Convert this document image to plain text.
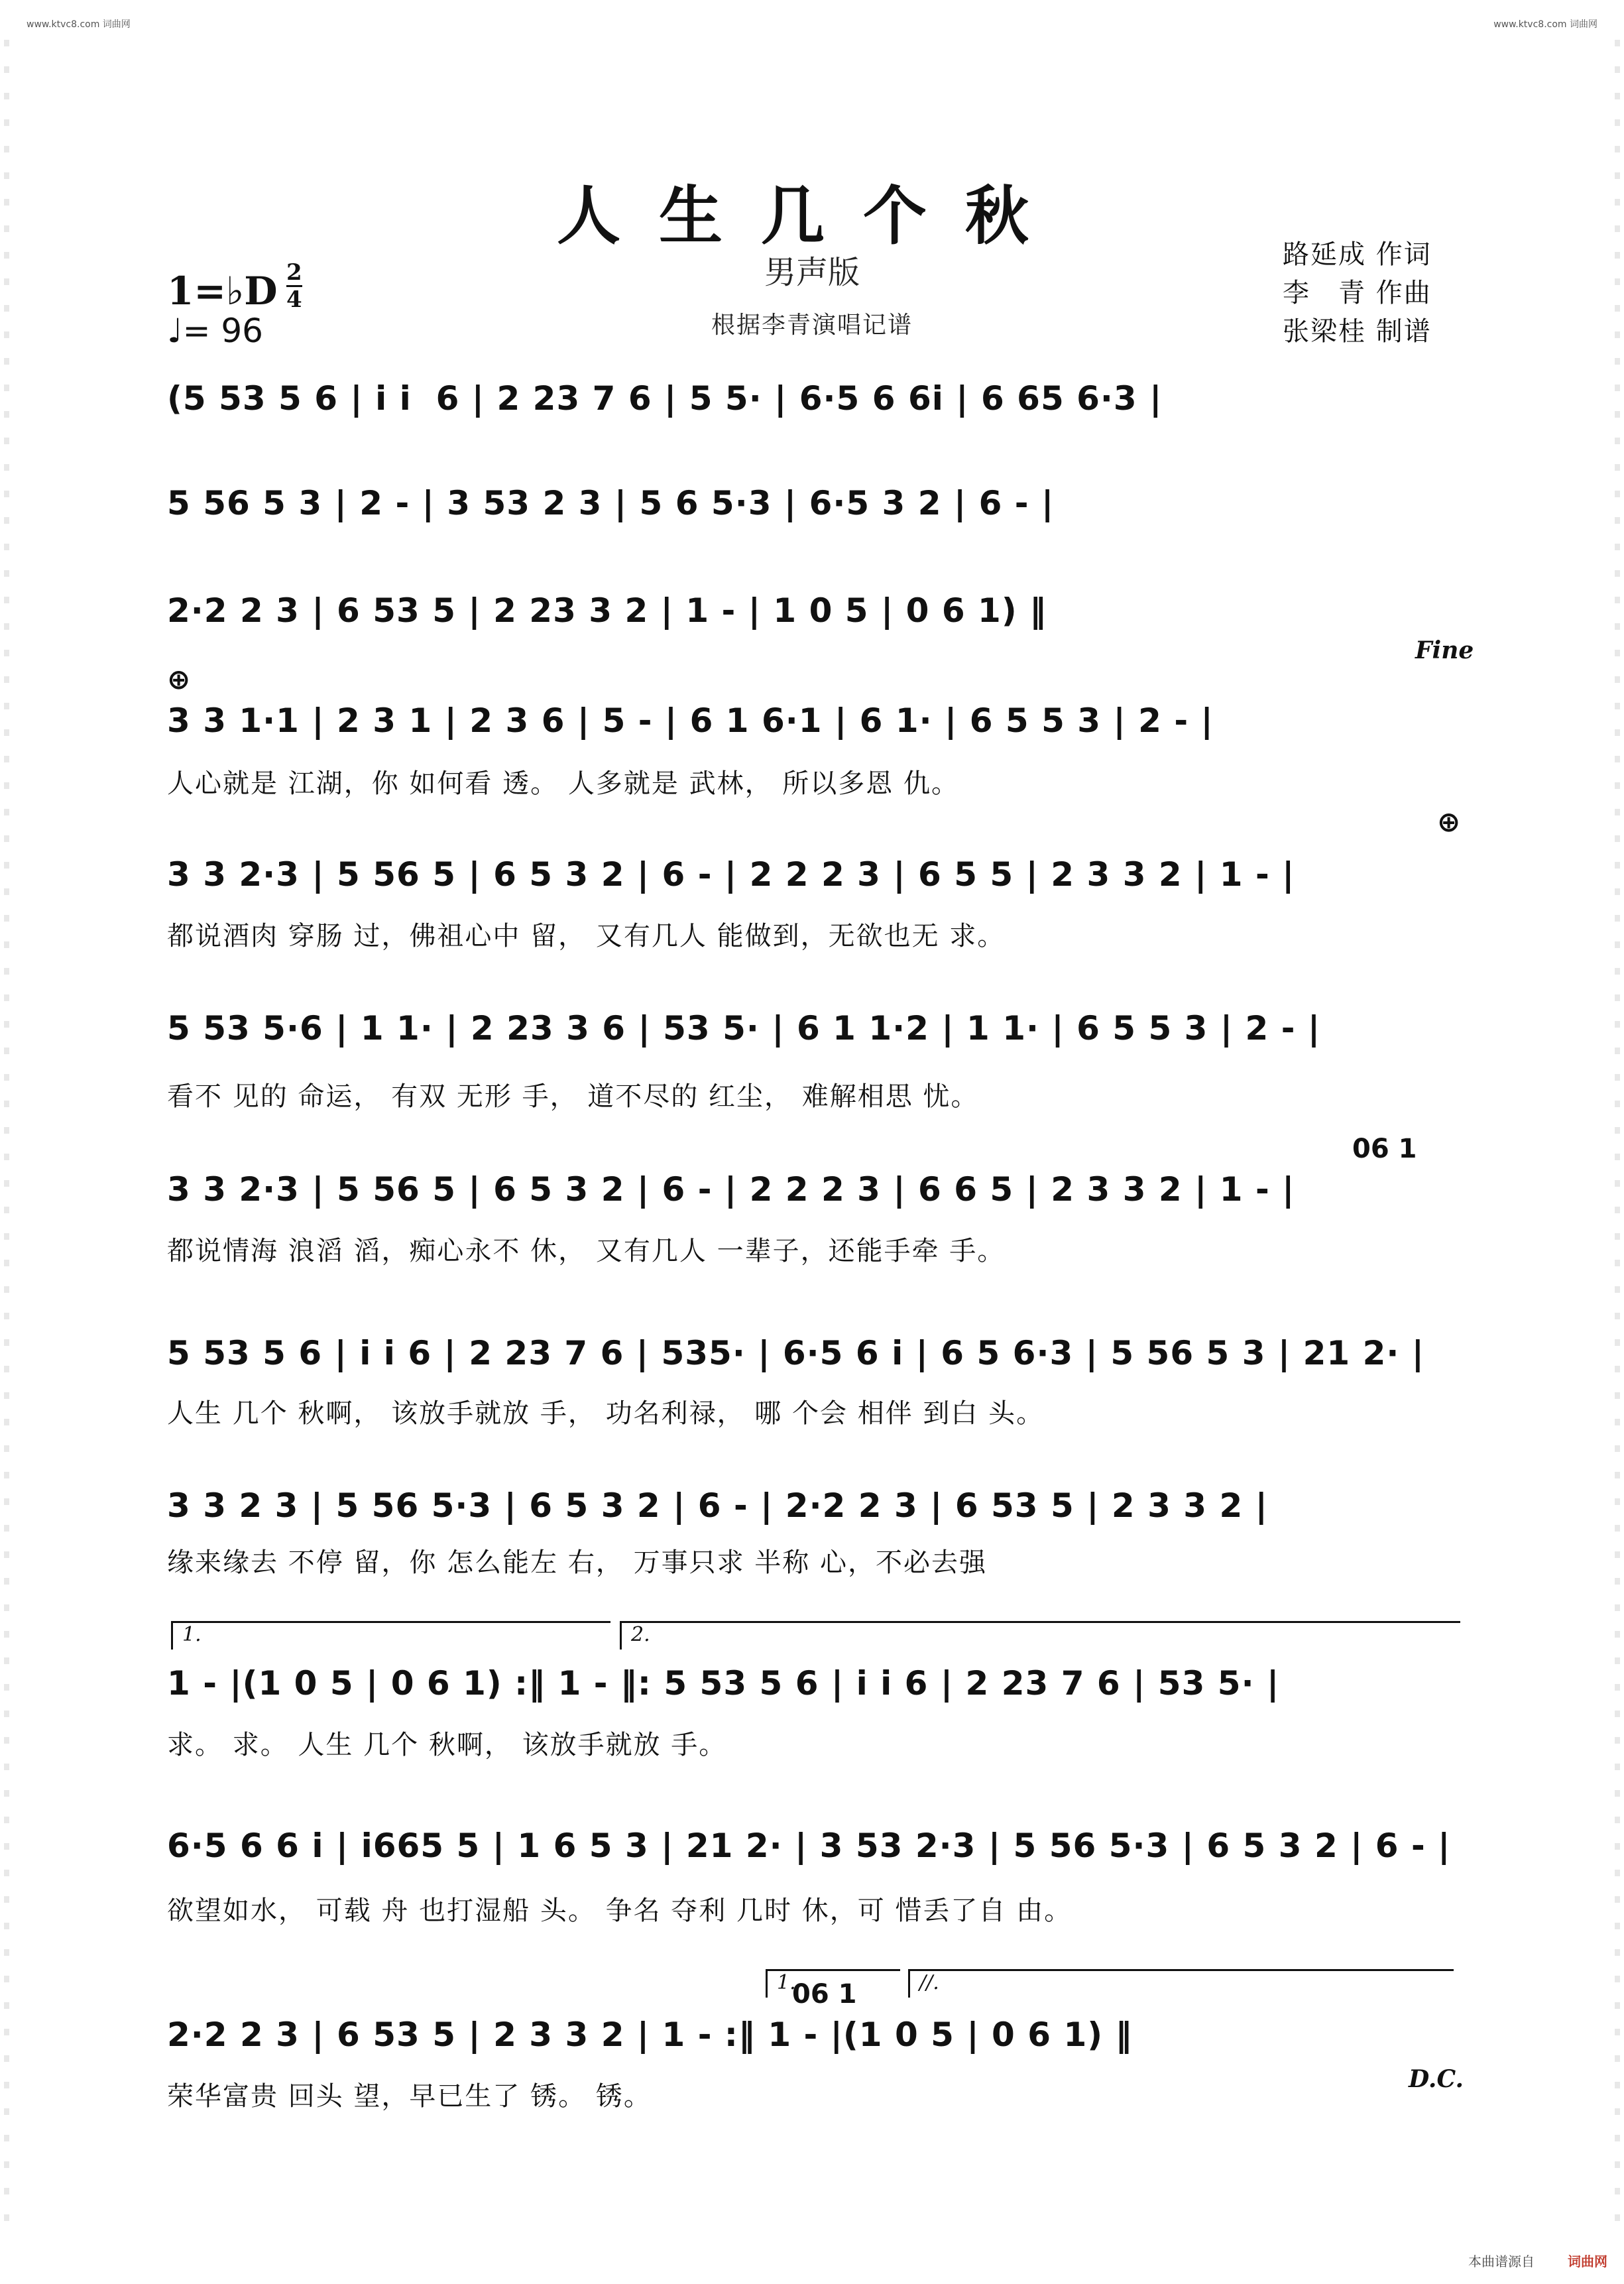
www.ktvc8.com 词曲网	www.ktvc8.com 词曲网
人生几个秋
男声版
根据李青演唱记谱
1=♭D 2
4
♩= 96
路延成 作词
李　青 作曲
张梁桂 制谱
(5 53 5 6 | i i  6 | 2 23 7 6 | 5 5· | 6·5 6 6i | 6 65 6·3 |
5 56 5 3 | 2 - | 3 53 2 3 | 5 6 5·3 | 6·5 3 2 | 6 - |
2·2 2 3 | 6 53 5 | 2 23 3 2 | 1 - | 1 0 5 | 0 6 1) ‖
Fine
⊕
3 3 1·1 | 2 3 1 | 2 3 6 | 5 - | 6 1 6·1 | 6 1· | 6 5 5 3 | 2 - |
人心就是 江湖，你 如何看 透。 人多就是 武林， 所以多恩 仇。
⊕
3 3 2·3 | 5 56 5 | 6 5 3 2 | 6 - | 2 2 2 3 | 6 5 5 | 2 3 3 2 | 1 - |
都说酒肉 穿肠 过，佛祖心中 留， 又有几人 能做到，无欲也无 求。
5 53 5·6 | 1 1· | 2 23 3 6 | 53 5· | 6 1 1·2 | 1 1· | 6 5 5 3 | 2 - |
看不 见的 命运， 有双 无形 手， 道不尽的 红尘， 难解相思 忧。
06 1
3 3 2·3 | 5 56 5 | 6 5 3 2 | 6 - | 2 2 2 3 | 6 6 5 | 2 3 3 2 | 1 - |
都说情海 浪滔 滔，痴心永不 休， 又有几人 一辈子，还能手牵 手。
5 53 5 6 | i i 6 | 2 23 7 6 | 535· | 6·5 6 i | 6 5 6·3 | 5 56 5 3 | 21 2· |
人生 几个 秋啊， 该放手就放 手， 功名利禄， 哪 个会 相伴 到白 头。
3 3 2 3 | 5 56 5·3 | 6 5 3 2 | 6 - | 2·2 2 3 | 6 53 5 | 2 3 3 2 |
缘来缘去 不停 留，你 怎么能左 右， 万事只求 半称 心，不必去强
1.	2.
1 - |(1 0 5 | 0 6 1) :‖ 1 - ‖: 5 53 5 6 | i i 6 | 2 23 7 6 | 53 5· |
求。 求。 人生 几个 秋啊， 该放手就放 手。
6·5 6 6 i | i665 5 | 1 6 5 3 | 21 2· | 3 53 2·3 | 5 56 5·3 | 6 5 3 2 | 6 - |
欲望如水， 可载 舟 也打湿船 头。 争名 夺利 几时 休，可 惜丢了自 由。
1.
06 1	//.
2·2 2 3 | 6 53 5 | 2 3 3 2 | 1 - :‖ 1 - |(1 0 5 | 0 6 1) ‖
荣华富贵 回头 望，早已生了 锈。 锈。
D.C.
本曲谱源自	词曲网
